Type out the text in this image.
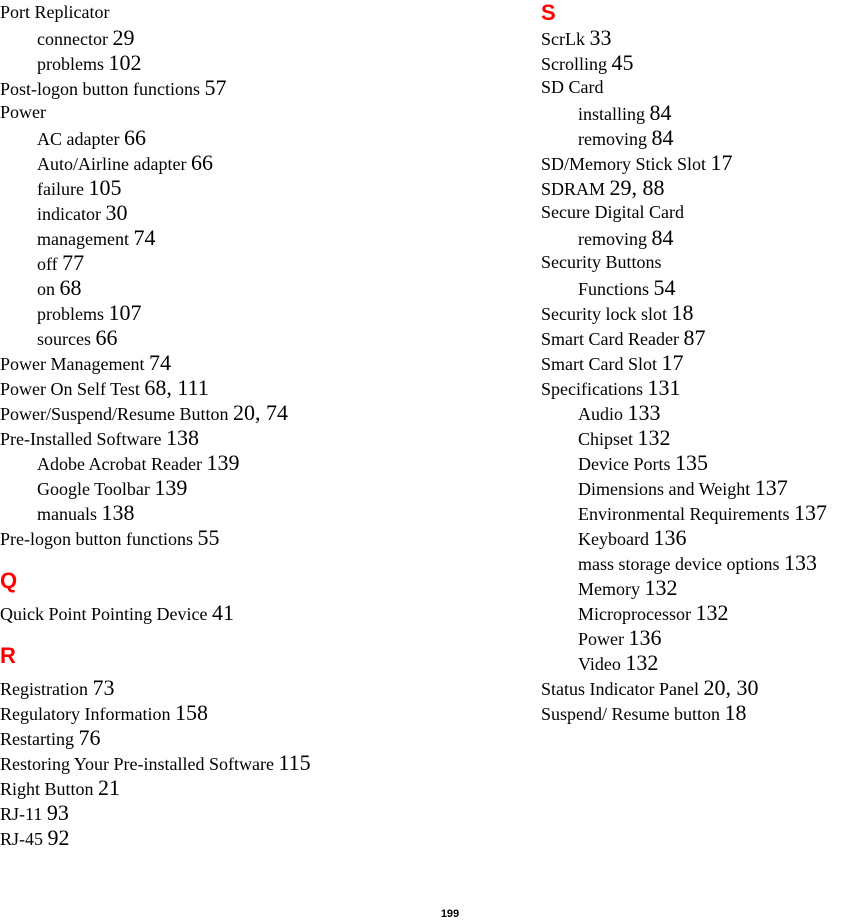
Port Replicator
connector 29
problems 102
Post-logon button functions 57
Power
AC adapter 66
Auto/Airline adapter 66
failure 105
indicator 30
management 74
off 77
on 68
problems 107
sources 66
Power Management 74
Power On Self Test 68, 111
Power/Suspend/Resume Button 20, 74
Pre-Installed Software 138
Adobe Acrobat Reader 139
Google Toolbar 139
manuals 138
Pre-logon button functions 55
Q
Quick Point Pointing Device 41
R
Registration 73
Regulatory Information 158
Restarting 76
Restoring Your Pre-installed Software 115
Right Button 21
RJ-11 93
RJ-45 92
S
ScrLk 33
Scrolling 45
SD Card
installing 84
removing 84
SD/Memory Stick Slot 17
SDRAM 29, 88
Secure Digital Card
removing 84
Security Buttons
Functions 54
Security lock slot 18
Smart Card Reader 87
Smart Card Slot 17
Specifications 131
Audio 133
Chipset 132
Device Ports 135
Dimensions and Weight 137
Environmental Requirements 137
Keyboard 136
mass storage device options 133
Memory 132
Microprocessor 132
Power 136
Video 132
Status Indicator Panel 20, 30
Suspend/ Resume button 18
199
